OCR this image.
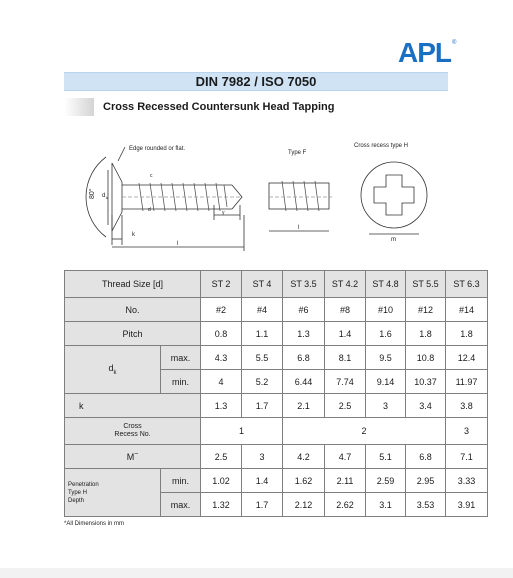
APL ®
DIN 7982 / ISO 7050
Cross Recessed Countersunk Head Tapping
Edge rounded or flat.
80° d k
c
d	y
k
l
Type F
l
Cross recess type H
m
Thread Size [d]		ST 2	ST 4	ST 3.5	ST 4.2	ST 4.8	ST 5.5	ST 6.3
No.		#2	#4	#6	#8	#10	#12	#14
Pitch		0.8	1.1	1.3	1.4	1.6	1.8	1.8
$d_k$	max.	4.3	5.5	6.8	8.1	9.5	10.8	12.4
	min.	4	5.2	6.44	7.74	9.14	10.37	11.97
k		1.3	1.7	2.1	2.5	3	3.4	3.8

Cross
Recess No.		1		2				3
M~		2.5	3	4.2	4.7	5.1	6.8	7.1

Penetration
Type H
Depth	min.	1.02	1.4	1.62	2.11	2.59	2.95	3.33
	max.	1.32	1.7	2.12	2.62	3.1	3.53	3.91
*All Dimensions in mm
